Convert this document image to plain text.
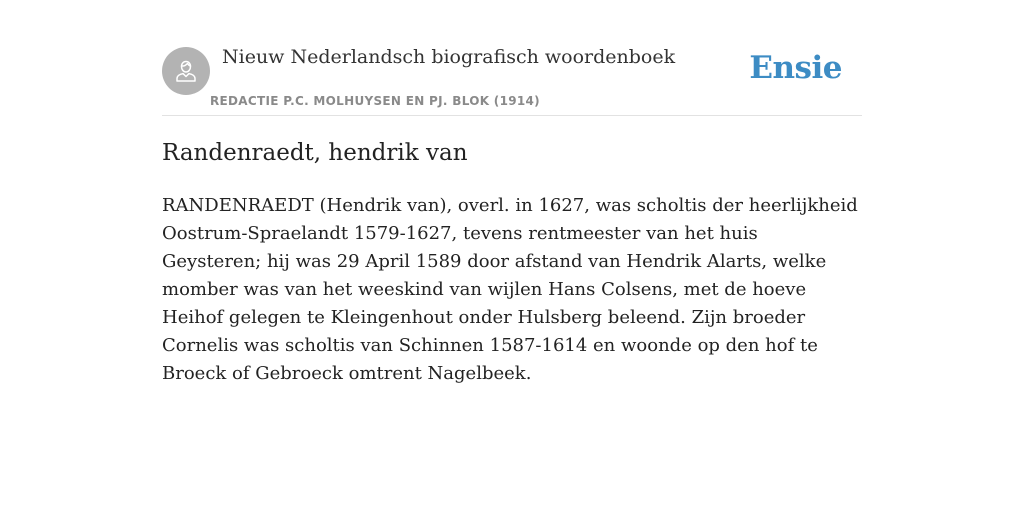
Nieuw Nederlandsch biografisch woordenboek
REDACTIE P.C. MOLHUYSEN EN PJ. BLOK (1914)
Ensie
Randenraedt, hendrik van

RANDENRAEDT (Hendrik van), overl. in 1627, was scholtis der heerlijkheid Oostrum-Spraelandt 1579-1627, tevens rentmeester van het huis Geysteren; hij was 29 April 1589 door afstand van Hendrik Alarts, welke momber was van het weeskind van wijlen Hans Colsens, met de hoeve Heihof gelegen te Kleingenhout onder Hulsberg beleend. Zijn broeder Cornelis was scholtis van Schinnen 1587-1614 en woonde op den hof te Broeck of Gebroeck omtrent Nagelbeek.
